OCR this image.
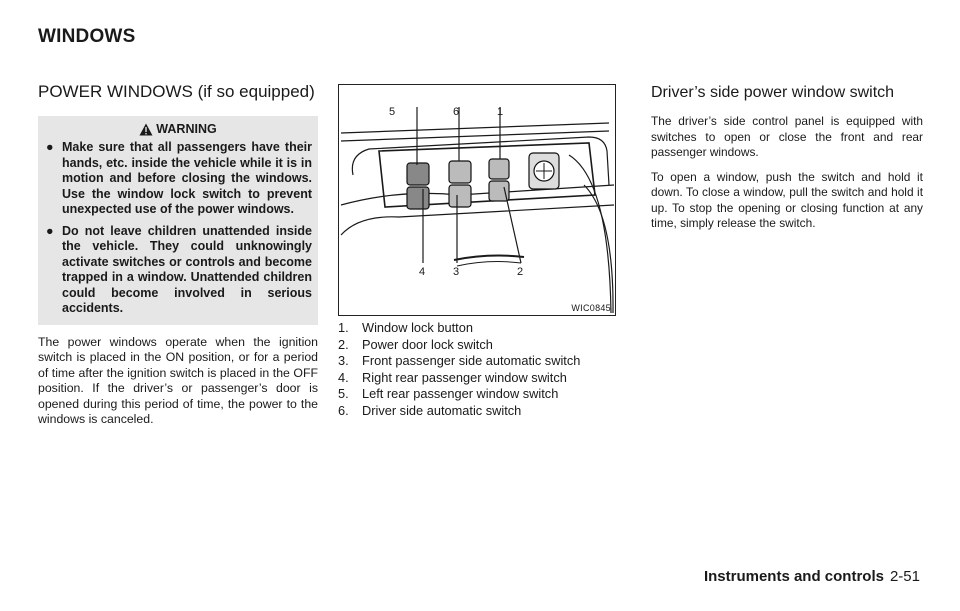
WINDOWS
POWER WINDOWS (if so equipped)
WARNING
● Make sure that all passengers have their hands, etc. inside the vehicle while it is in motion and before closing the windows. Use the window lock switch to prevent unexpected use of the power windows.
● Do not leave children unattended inside the vehicle. They could unknowingly activate switches or controls and become trapped in a window. Unattended children could become involved in serious accidents.

The power windows operate when the ignition switch is placed in the ON position, or for a period of time after the ignition switch is placed in the OFF position. If the driver’s or passenger’s door is opened during this period of time, the power to the windows is canceled.

5	6	1
4	3	2
WIC0845
1.	Window lock button
2.	Power door lock switch
3.	Front passenger side automatic switch
4.	Right rear passenger window switch
5.	Left rear passenger window switch
6.	Driver side automatic switch
Driver’s side power window switch

The driver’s side control panel is equipped with switches to open or close the front and rear passenger windows.

To open a window, push the switch and hold it down. To close a window, pull the switch and hold it up. To stop the opening or closing function at any time, simply release the switch.

Instruments and controls 2-51
